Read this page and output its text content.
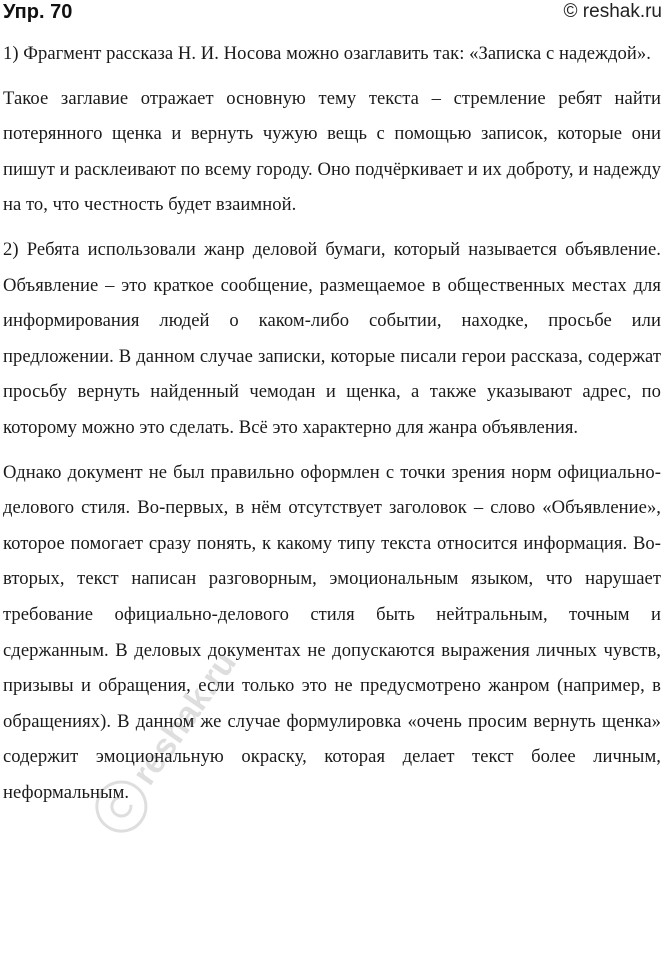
Упр. 70	© reshak.ru

1) Фрагмент рассказа Н. И. Носова можно озаглавить так: «Записка с надеждой».

Такое заглавие отражает основную тему текста – стремление ребят найти потерянного щенка и вернуть чужую вещь с помощью записок, которые они пишут и расклеивают по всему городу. Оно подчёркивает и их доброту, и надежду на то, что честность будет взаимной.

2) Ребята использовали жанр деловой бумаги, который называется объявление. Объявление – это краткое сообщение, размещаемое в общественных местах для информирования людей о каком-либо событии, находке, просьбе или предложении. В данном случае записки, которые писали герои рассказа, содержат просьбу вернуть найденный чемодан и щенка, а также указывают адрес, по которому можно это сделать. Всё это характерно для жанра объявления.

Однако документ не был правильно оформлен с точки зрения норм официально-делового стиля. Во-первых, в нём отсутствует заголовок – слово «Объявление», которое помогает сразу понять, к какому типу текста относится информация. Во-вторых, текст написан разговорным, эмоциональным языком, что нарушает требование официально-делового стиля быть нейтральным, точным и сдержанным. В деловых документах не допускаются выражения личных чувств, призывы и обращения, если только это не предусмотрено жанром (например, в обращениях). В данном же случае формулировка «очень просим вернуть щенка» содержит эмоциональную окраску, которая делает текст более личным, неформальным.

reshak.ru
